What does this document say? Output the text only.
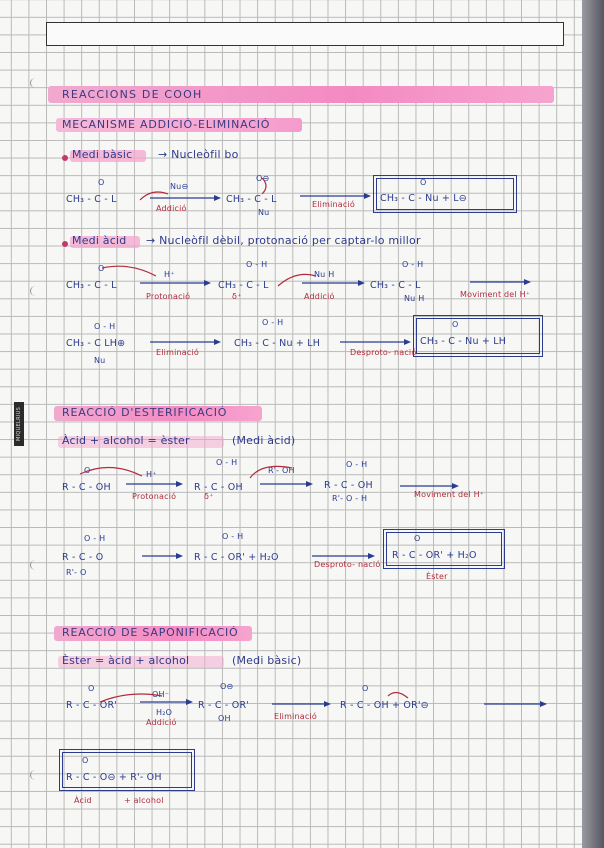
MIQUELRIUS
REACCIONS DE COOH
MECANISME ADDICIÓ-ELIMINACIÓ
Medi bàsic → Nucleòfil bo
O
CH₃ - C - L
Nu⊖
Addició
O⊖
CH₃ - C - L
Nu
Eliminació
O
CH₃ - C - Nu + L⊖
Medi àcid → Nucleòfil dèbil, protonació per captar-lo millor
O
CH₃ - C - L
H⁺
Protonació
O - H
CH₃ - C - L
δ⁺
Nu H
Addició
O - H
CH₃ - C - L
Nu H	Moviment del H⁺
O - H
CH₃ - C LH⊕
Nu
Eliminació
O - H
CH₃ - C - Nu + LH
Desproto- nació
O
CH₃ - C - Nu + LH
REACCIÓ D'ESTERIFICACIÓ
Àcid + alcohol = èster	(Medi àcid)
O
R - C - OH
H⁺
Protonació
O - H
R - C - OH
δ⁺
R'- OH
O - H
R - C - OH
R'- O - H	Moviment del H⁺
O - H
R - C - O
R'- O
O - H
R - C - OR' + H₂O
Desproto- nació
O
R - C - OR' + H₂O
Èster
REACCIÓ DE SAPONIFICACIÓ
Èster = àcid + alcohol	(Medi bàsic)
O
R - C - OR'
OH⁻
H₂O
Addició
O⊖
R - C - OR'
OH	Eliminació
O
R - C - OH + OR'⊖
O
R - C - O⊖ + R'- OH
Àcid	+ alcohol
